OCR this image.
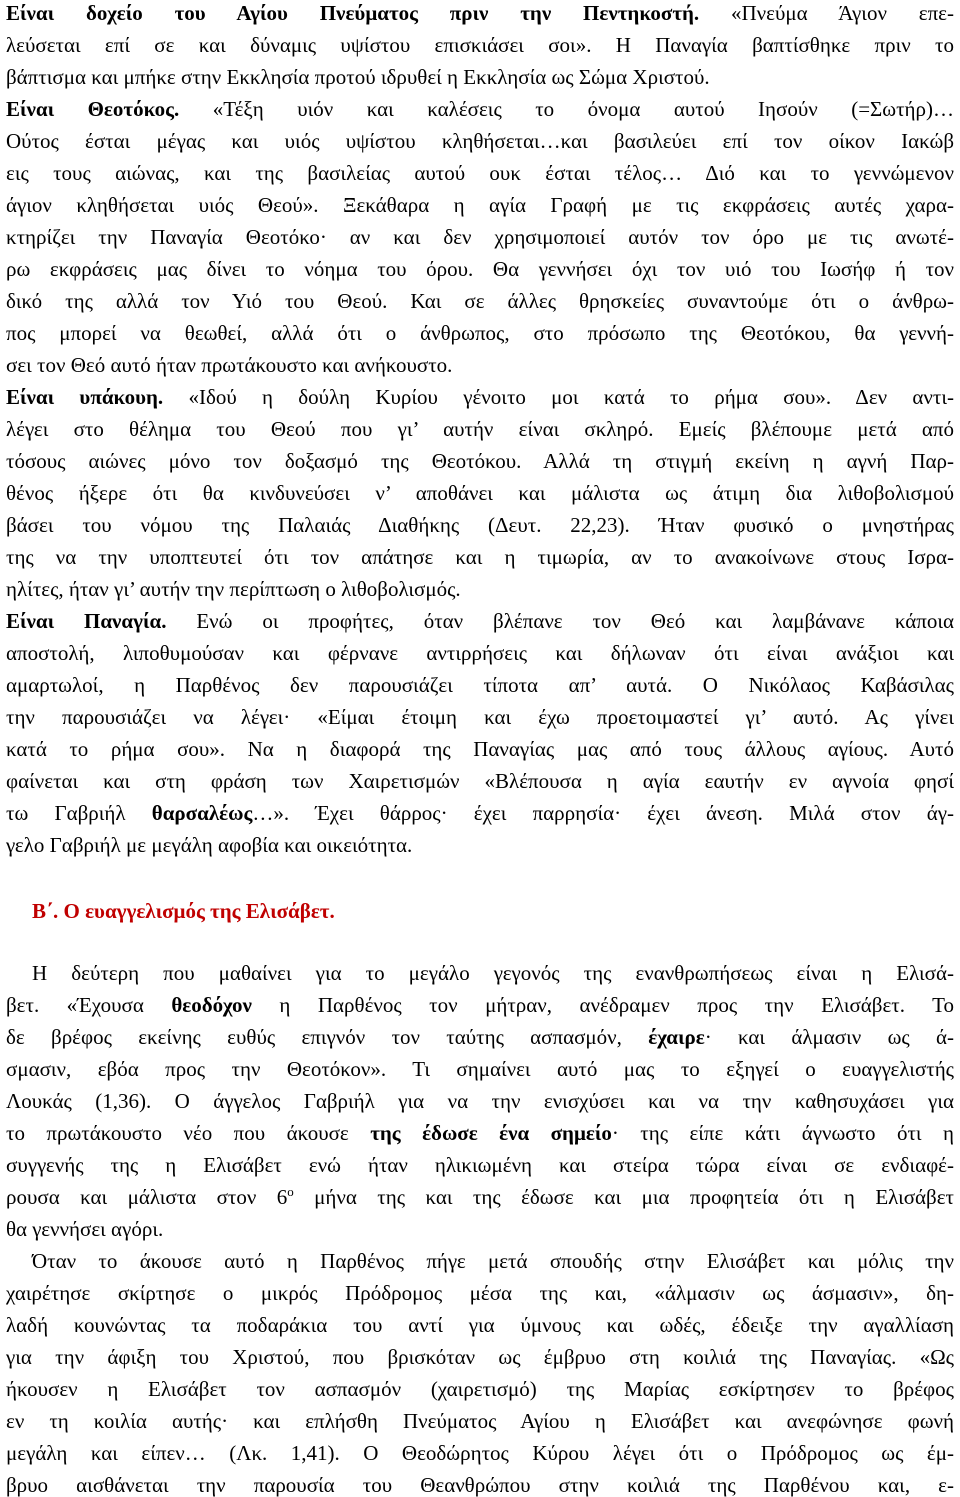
Είναι δοχείο του Αγίου Πνεύματος πριν την Πεντηκοστή. «Πνεύμα Άγιον επε-
λεύσεται επί σε και δύναμις υψίστου επισκιάσει σοι». Η Παναγία βαπτίσθηκε πριν το
βάπτισμα και μπήκε στην Εκκλησία προτού ιδρυθεί η Εκκλησία ως Σώμα Χριστού.
Είναι Θεοτόκος. «Τέξη υιόν και καλέσεις το όνομα αυτού Ιησούν (=Σωτήρ)…
Ούτος έσται μέγας και υιός υψίστου κληθήσεται…και βασιλεύει επί τον οίκον Ιακώβ
εις τους αιώνας, και της βασιλείας αυτού ουκ έσται τέλος… Διό και το γεννώμενον
άγιον κληθήσεται υιός Θεού». Ξεκάθαρα η αγία Γραφή με τις εκφράσεις αυτές χαρα-
κτηρίζει την Παναγία Θεοτόκο· αν και δεν χρησιμοποιεί αυτόν τον όρο με τις ανωτέ-
ρω εκφράσεις μας δίνει το νόημα του όρου. Θα γεννήσει όχι τον υιό του Ιωσήφ ή τον
δικό της αλλά τον Υιό του Θεού. Και σε άλλες θρησκείες συναντούμε ότι ο άνθρω-
πος μπορεί να θεωθεί, αλλά ότι ο άνθρωπος, στο πρόσωπο της Θεοτόκου, θα γεννή-
σει τον Θεό αυτό ήταν πρωτάκουστο και ανήκουστο.
Είναι υπάκουη. «Ιδού η δούλη Κυρίου γένοιτο μοι κατά το ρήμα σου». Δεν αντι-
λέγει στο θέλημα του Θεού που γι’ αυτήν είναι σκληρό. Εμείς βλέπουμε μετά από
τόσους αιώνες μόνο τον δοξασμό της Θεοτόκου. Αλλά τη στιγμή εκείνη η αγνή Παρ-
θένος ήξερε ότι θα κινδυνεύσει ν’ αποθάνει και μάλιστα ως άτιμη δια λιθοβολισμού
βάσει του νόμου της Παλαιάς Διαθήκης (Δευτ. 22,23). Ήταν φυσικό ο μνηστήρας
της να την υποπτευτεί ότι τον απάτησε και η τιμωρία, αν το ανακοίνωνε στους Ισρα-
ηλίτες, ήταν γι’ αυτήν την περίπτωση ο λιθοβολισμός.
Είναι Παναγία. Ενώ οι προφήτες, όταν βλέπανε τον Θεό και λαμβάνανε κάποια
αποστολή, λιποθυμούσαν και φέρνανε αντιρρήσεις και δήλωναν ότι είναι ανάξιοι και
αμαρτωλοί, η Παρθένος δεν παρουσιάζει τίποτα απ’ αυτά. Ο Νικόλαος Καβάσιλας
την παρουσιάζει να λέγει· «Είμαι έτοιμη και έχω προετοιμαστεί γι’ αυτό. Ας γίνει
κατά το ρήμα σου». Να η διαφορά της Παναγίας μας από τους άλλους αγίους. Αυτό
φαίνεται και στη φράση των Χαιρετισμών «Βλέπουσα η αγία εαυτήν εν αγνοία φησί
τω Γαβριήλ θαρσαλέως…». Έχει θάρρος· έχει παρρησία· έχει άνεση. Μιλά στον άγ-
γελο Γαβριήλ με μεγάλη αφοβία και οικειότητα.
Η δεύτερη που μαθαίνει για το μεγάλο γεγονός της ενανθρωπήσεως είναι η Ελισά-
βετ. «Έχουσα θεοδόχον η Παρθένος τον μήτραν, ανέδραμεν προς την Ελισάβετ. Το
δε βρέφος εκείνης ευθύς επιγνόν τον ταύτης ασπασμόν, έχαιρε· και άλμασιν ως ά-
σμασιν, εβόα προς την Θεοτόκον». Τι σημαίνει αυτό μας το εξηγεί ο ευαγγελιστής
Λουκάς (1,36). Ο άγγελος Γαβριήλ για να την ενισχύσει και να την καθησυχάσει για
το πρωτάκουστο νέο που άκουσε της έδωσε ένα σημείο· της είπε κάτι άγνωστο ότι η
συγγενής της η Ελισάβετ ενώ ήταν ηλικιωμένη και στείρα τώρα είναι σε ενδιαφέ-
ρουσα και μάλιστα στον $6^o$ μήνα της και της έδωσε και μια προφητεία ότι η Ελισάβετ
θα γεννήσει αγόρι.
Όταν το άκουσε αυτό η Παρθένος πήγε μετά σπουδής στην Ελισάβετ και μόλις την
χαιρέτησε σκίρτησε ο μικρός Πρόδρομος μέσα της και, «άλμασιν ως άσμασιν», δη-
λαδή κουνώντας τα ποδαράκια του αντί για ύμνους και ωδές, έδειξε την αγαλλίαση
για την άφιξη του Χριστού, που βρισκόταν ως έμβρυο στη κοιλιά της Παναγίας. «Ως
ήκουσεν η Ελισάβετ τον ασπασμόν (χαιρετισμό) της Μαρίας εσκίρτησεν το βρέφος
εν τη κοιλία αυτής· και επλήσθη Πνεύματος Αγίου η Ελισάβετ και ανεφώνησε φωνή
μεγάλη και είπεν… (Λκ. 1,41). Ο Θεοδώρητος Κύρου λέγει ότι ο Πρόδρομος ως έμ-
βρυο αισθάνεται την παρουσία του Θεανθρώπου στην κοιλιά της Παρθένου και, ε-
Β΄. Ο ευαγγελισμός της Ελισάβετ.
